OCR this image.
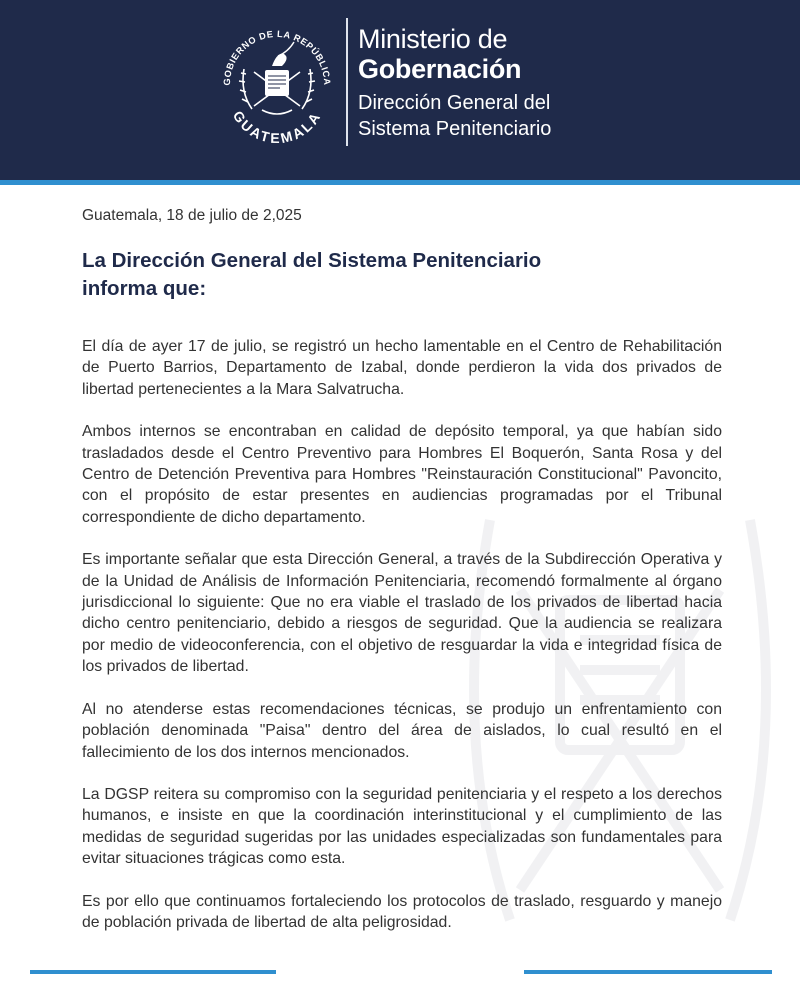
GOBIERNO DE LA REPÚBLICA
GUATEMALA
Ministerio de
Gobernación
Dirección General del
Sistema Penitenciario
Guatemala, 18 de julio de 2,025
La Dirección General del Sistema Penitenciario
informa que:

El día de ayer 17 de julio, se registró un hecho lamentable en el Centro de Rehabilitación de Puerto Barrios, Departamento de Izabal, donde perdieron la vida dos privados de libertad pertenecientes a la Mara Salvatrucha.

Ambos internos se encontraban en calidad de depósito temporal, ya que habían sido trasladados desde el Centro Preventivo para Hombres El Boquerón, Santa Rosa y del Centro de Detención Preventiva para Hombres "Reinstauración Constitucional" Pavoncito, con el propósito de estar presentes en audiencias programadas por el Tribunal correspondiente de dicho departamento.

Es importante señalar que esta Dirección General, a través de la Subdirección Operativa y de la Unidad de Análisis de Información Penitenciaria, recomendó formalmente al órgano jurisdiccional lo siguiente: Que no era viable el traslado de los privados de libertad hacia dicho centro penitenciario, debido a riesgos de seguridad. Que la audiencia se realizara por medio de videoconferencia, con el objetivo de resguardar la vida e integridad física de los privados de libertad.

Al no atenderse estas recomendaciones técnicas, se produjo un enfrentamiento con población denominada "Paisa" dentro del área de aislados, lo cual resultó en el fallecimiento de los dos internos mencionados.

La DGSP reitera su compromiso con la seguridad penitenciaria y el respeto a los derechos humanos, e insiste en que la coordinación interinstitucional y el cumplimiento de las medidas de seguridad sugeridas por las unidades especializadas son fundamentales para evitar situaciones trágicas como esta.

Es por ello que continuamos fortaleciendo los protocolos de traslado, resguardo y manejo de población privada de libertad de alta peligrosidad.
